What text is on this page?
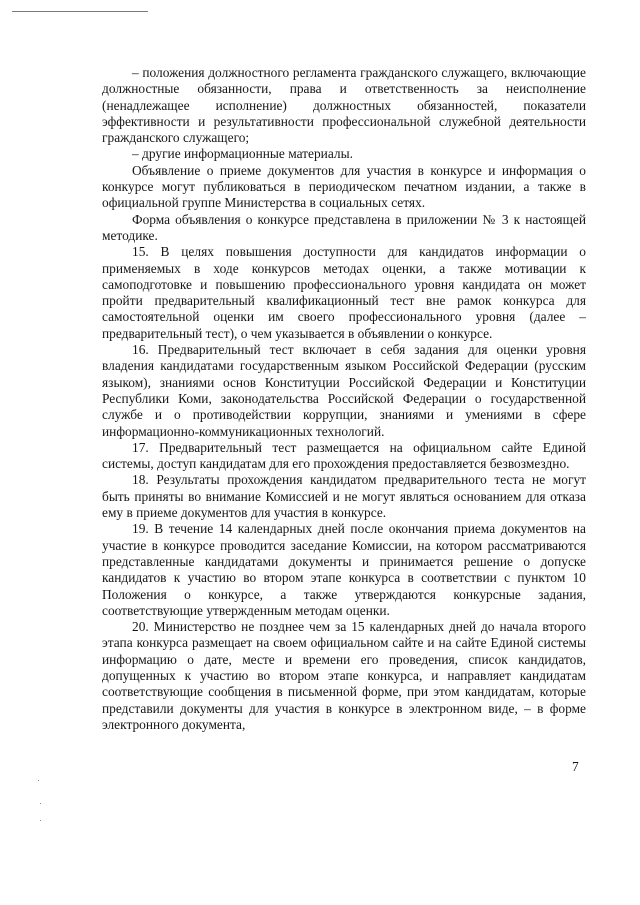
– положения должностного регламента гражданского служащего, включающие должностные обязанности, права и ответственность за неисполнение (ненадлежащее исполнение) должностных обязанностей, показатели эффективности и результативности профессиональной служебной деятельности гражданского служащего;

– другие информационные материалы.

Объявление о приеме документов для участия в конкурсе и информация о конкурсе могут публиковаться в периодическом печатном издании, а также в официальной группе Министерства в социальных сетях.

Форма объявления о конкурсе представлена в приложении № 3 к настоящей методике.

15. В целях повышения доступности для кандидатов информации о применяемых в ходе конкурсов методах оценки, а также мотивации к самоподготовке и повышению профессионального уровня кандидата он может пройти предварительный квалификационный тест вне рамок конкурса для самостоятельной оценки им своего профессионального уровня (далее – предварительный тест), о чем указывается в объявлении о конкурсе.

16. Предварительный тест включает в себя задания для оценки уровня владения кандидатами государственным языком Российской Федерации (русским языком), знаниями основ Конституции Российской Федерации и Конституции Республики Коми, законодательства Российской Федерации о государственной службе и о противодействии коррупции, знаниями и умениями в сфере информационно-коммуникационных технологий.

17. Предварительный тест размещается на официальном сайте Единой системы, доступ кандидатам для его прохождения предоставляется безвозмездно.

18. Результаты прохождения кандидатом предварительного теста не могут быть приняты во внимание Комиссией и не могут являться основанием для отказа ему в приеме документов для участия в конкурсе.

19. В течение 14 календарных дней после окончания приема документов на участие в конкурсе проводится заседание Комиссии, на котором рассматриваются представленные кандидатами документы и принимается решение о допуске кандидатов к участию во втором этапе конкурса в соответствии с пунктом 10 Положения о конкурсе, а также утверждаются конкурсные задания, соответствующие утвержденным методам оценки.

20. Министерство не позднее чем за 15 календарных дней до начала второго этапа конкурса размещает на своем официальном сайте и на сайте Единой системы информацию о дате, месте и времени его проведения, список кандидатов, допущенных к участию во втором этапе конкурса, и направляет кандидатам соответствующие сообщения в письменной форме, при этом кандидатам, которые представили документы для участия в конкурсе в электронном виде, – в форме электронного документа,

7
